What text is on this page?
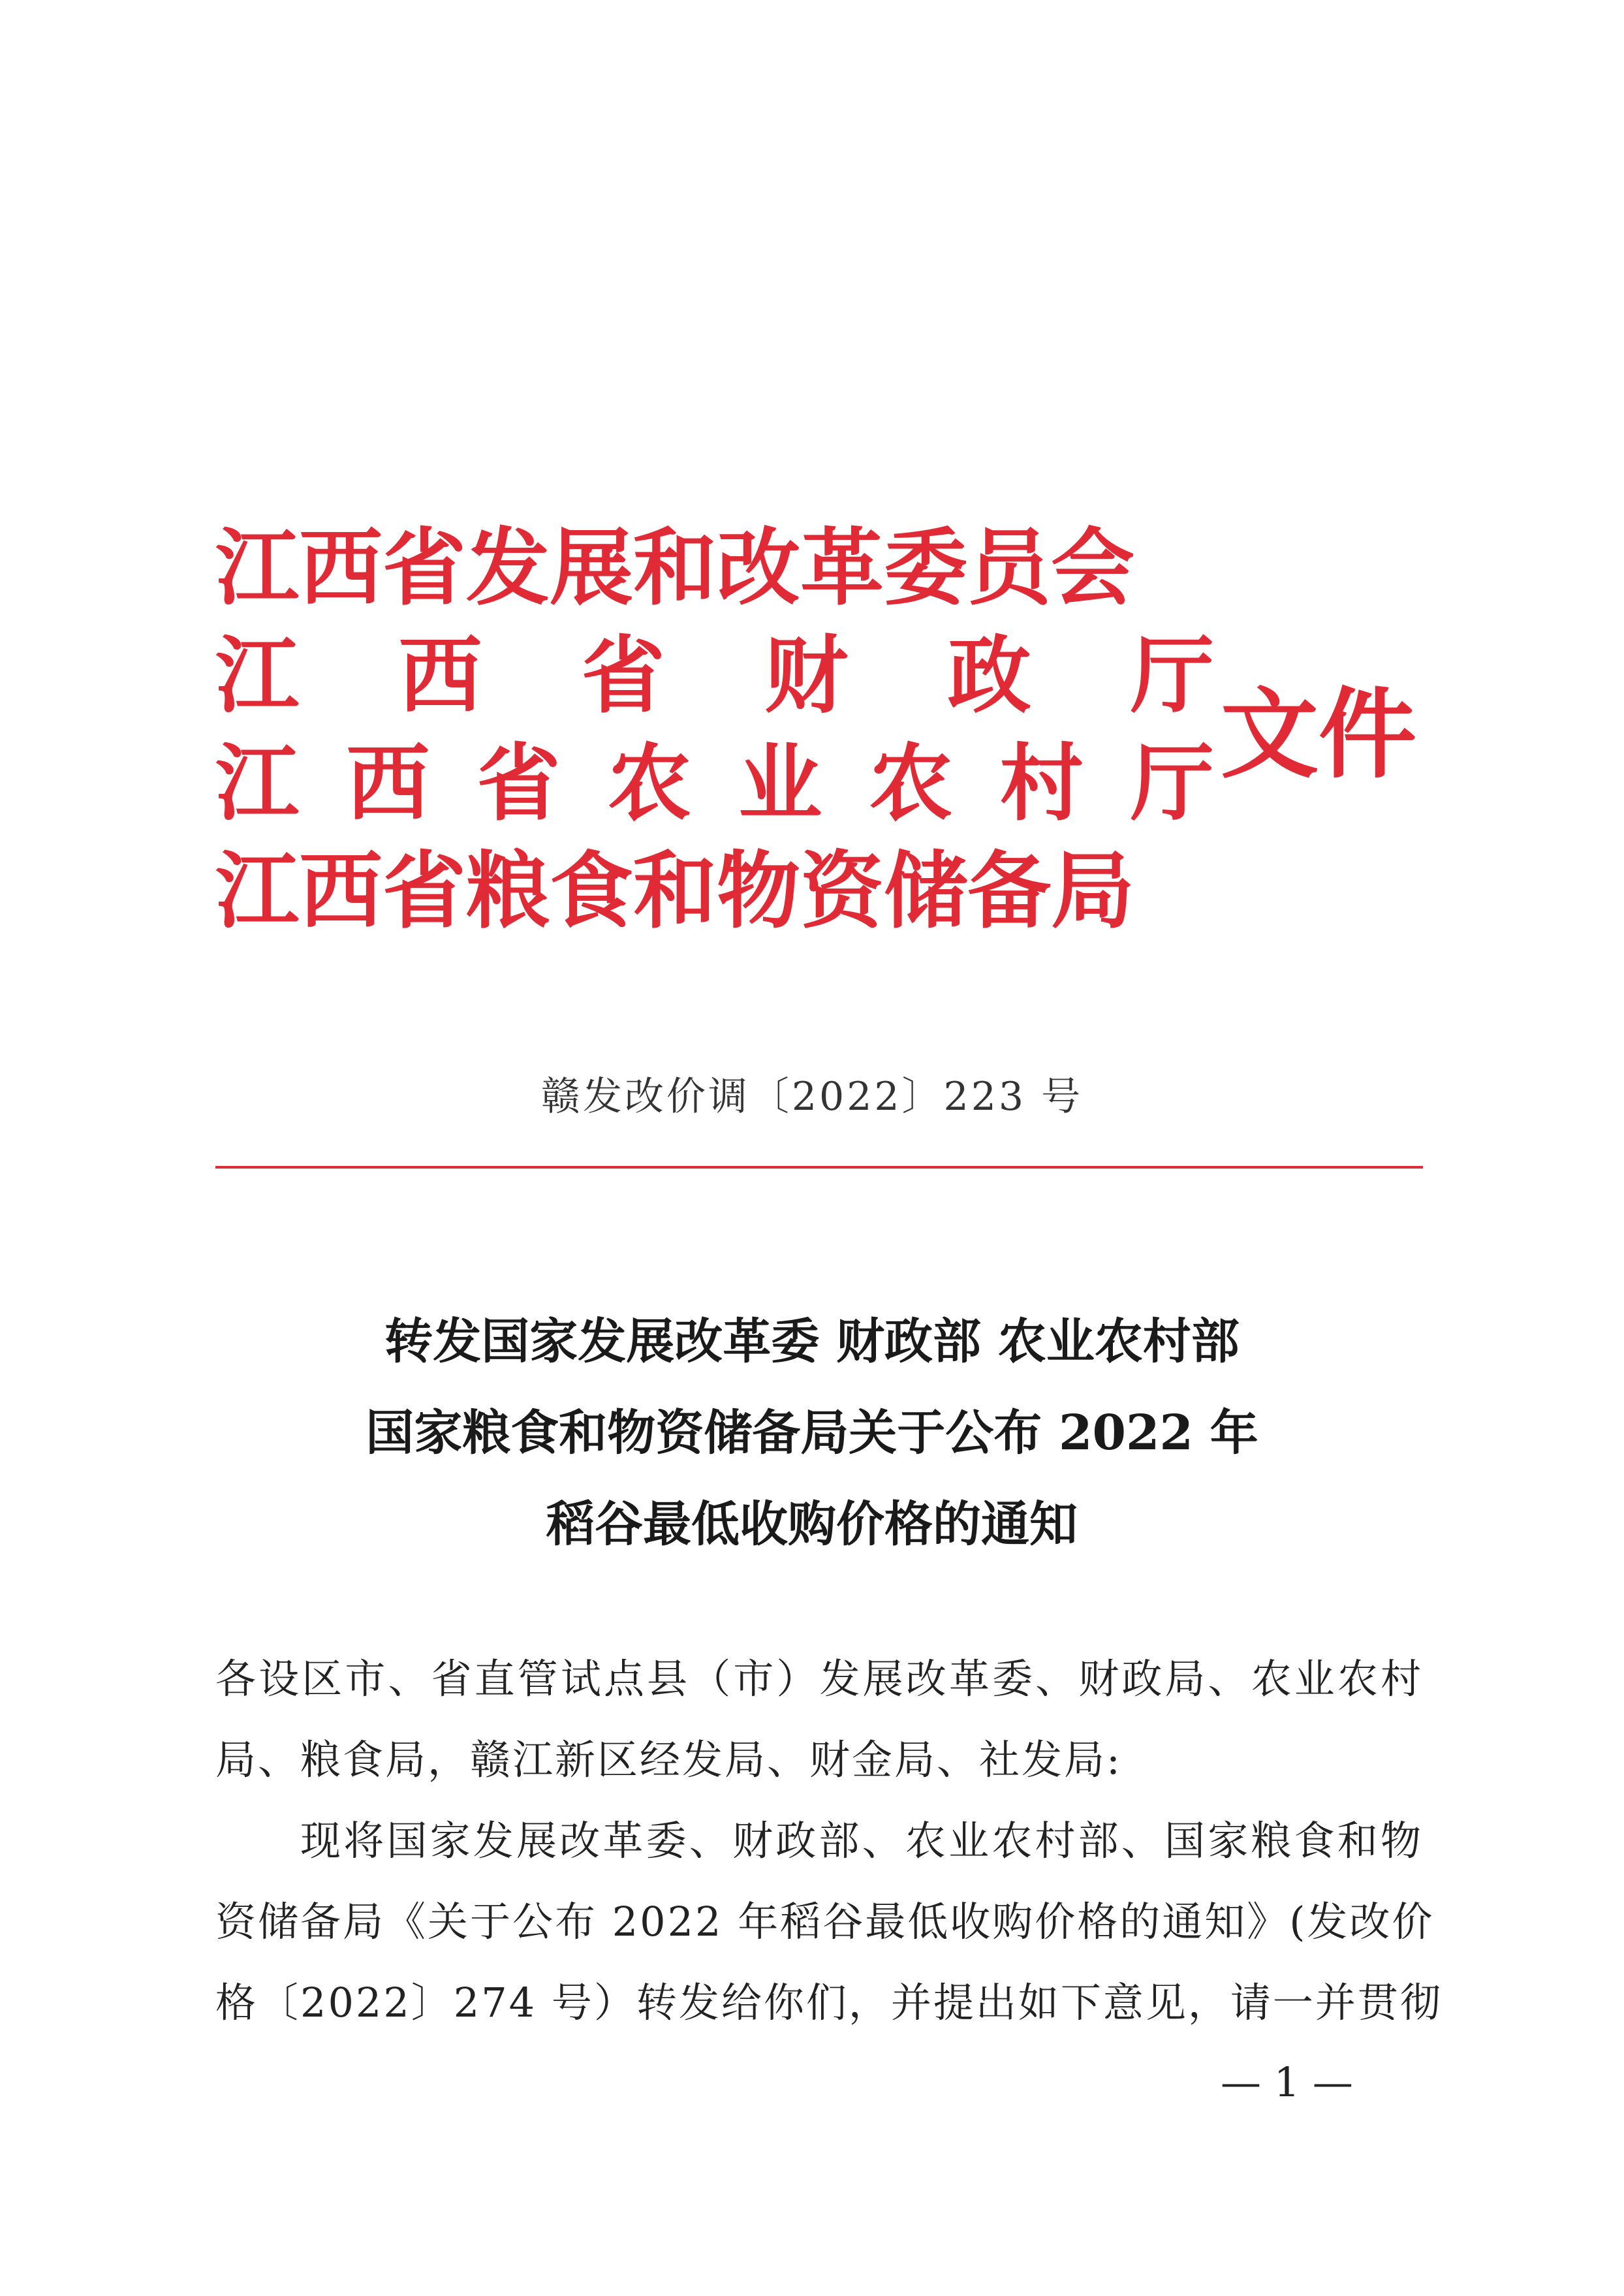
江西省发展和改革委员会
江 西 省 财 政 厅
江 西 省 农 业 农 村 厅
江西省粮食和物资储备局
文件
赣发改价调〔2022〕223 号
转发国家发展改革委 财政部 农业农村部
国家粮食和物资储备局关于公布 2022 年
稻谷最低收购价格的通知
各设区市、省直管试点县（市）发展改革委、财政局、农业农村
局、粮食局，赣江新区经发局、财金局、社发局:
现将国家发展改革委、财政部、农业农村部、国家粮食和物
资储备局《关于公布 2022 年稻谷最低收购价格的通知》(发改价
格〔2022〕274 号）转发给你们，并提出如下意见，请一并贯彻
— 1 —
